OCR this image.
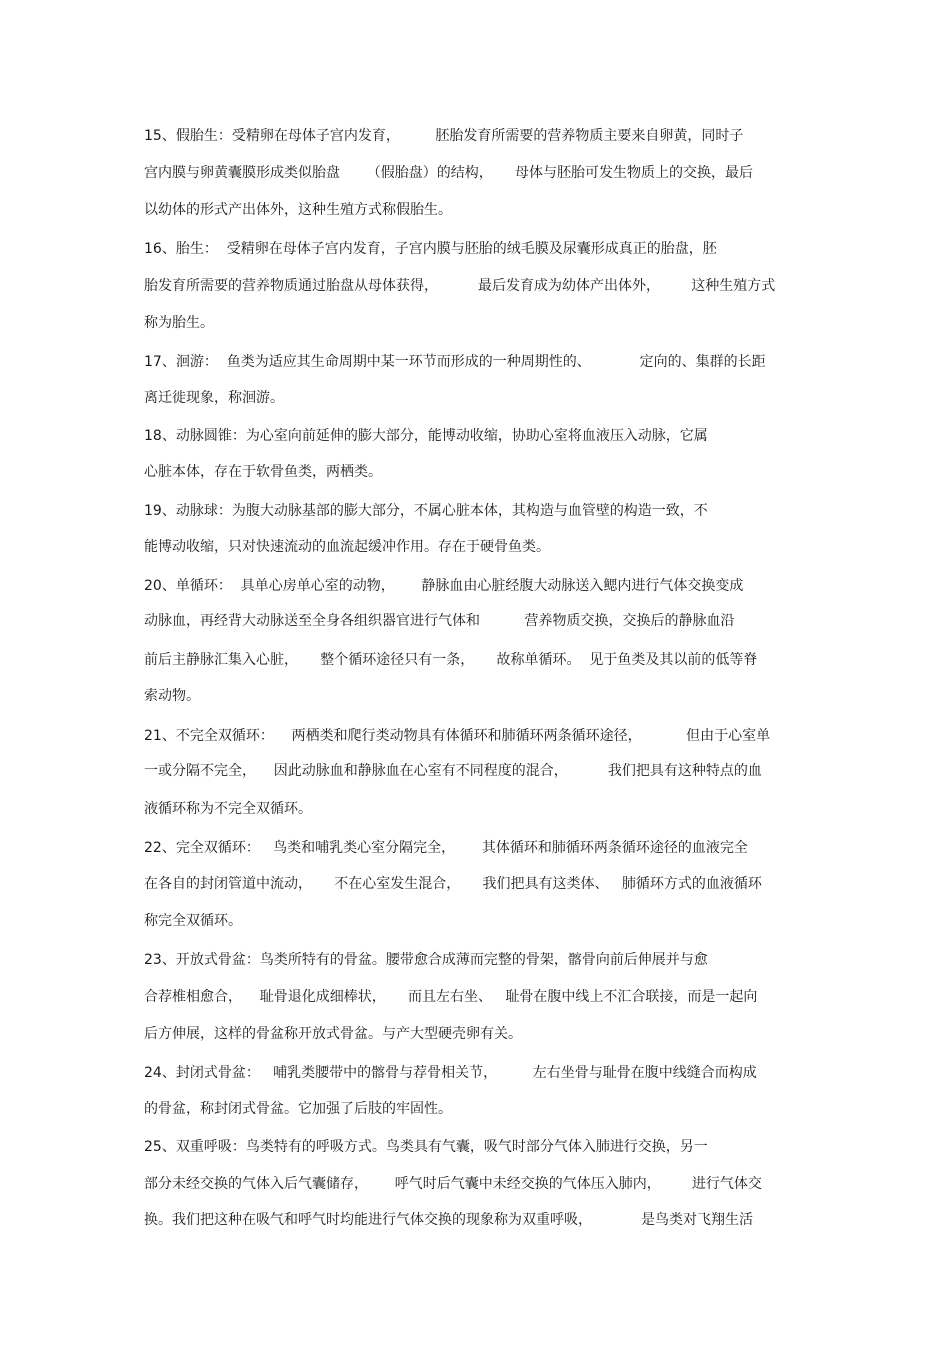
15、假胎生：受精卵在母体子宫内发育，        胚胎发育所需要的营养物质主要来自卵黄，同时子
宫内膜与卵黄囊膜形成类似胎盘      （假胎盘）的结构，     母体与胚胎可发生物质上的交换，最后
以幼体的形式产出体外，这种生殖方式称假胎生。
16、胎生：  受精卵在母体子宫内发育，子宫内膜与胚胎的绒毛膜及尿囊形成真正的胎盘，胚
胎发育所需要的营养物质通过胎盘从母体获得，         最后发育成为幼体产出体外，       这种生殖方式
称为胎生。
17、洄游：  鱼类为适应其生命周期中某一环节而形成的一种周期性的、           定向的、集群的长距
离迁徙现象，称洄游。
18、动脉圆锥：为心室向前延伸的膨大部分，能博动收缩，协助心室将血液压入动脉，它属
心脏本体，存在于软骨鱼类，两栖类。
19、动脉球：为腹大动脉基部的膨大部分，不属心脏本体，其构造与血管壁的构造一致，不
能博动收缩，只对快速流动的血流起缓冲作用。存在于硬骨鱼类。
20、单循环：  具单心房单心室的动物，      静脉血由心脏经腹大动脉送入鳃内进行气体交换变成
动脉血，再经背大动脉送至全身各组织器官进行气体和          营养物质交换，交换后的静脉血沿
前后主静脉汇集入心脏，     整个循环途径只有一条，     故称单循环。  见于鱼类及其以前的低等脊
索动物。
21、不完全双循环：    两栖类和爬行类动物具有体循环和肺循环两条循环途径，          但由于心室单
一或分隔不完全，    因此动脉血和静脉血在心室有不同程度的混合，         我们把具有这种特点的血
液循环称为不完全双循环。
22、完全双循环：   鸟类和哺乳类心室分隔完全，      其体循环和肺循环两条循环途径的血液完全
在各自的封闭管道中流动，     不在心室发生混合，     我们把具有这类体、   肺循环方式的血液循环
称完全双循环。
23、开放式骨盆：鸟类所特有的骨盆。腰带愈合成薄而完整的骨架，髂骨向前后伸展并与愈
合荐椎相愈合，    耻骨退化成细棒状，     而且左右坐、   耻骨在腹中线上不汇合联接，而是一起向
后方伸展，这样的骨盆称开放式骨盆。与产大型硬壳卵有关。
24、封闭式骨盆：   哺乳类腰带中的髂骨与荐骨相关节，        左右坐骨与耻骨在腹中线缝合而构成
的骨盆，称封闭式骨盆。它加强了后肢的牢固性。
25、双重呼吸：鸟类特有的呼吸方式。鸟类具有气囊，吸气时部分气体入肺进行交换，另一
部分未经交换的气体入后气囊储存，      呼气时后气囊中未经交换的气体压入肺内，       进行气体交
换。我们把这种在吸气和呼气时均能进行气体交换的现象称为双重呼吸，           是鸟类对飞翔生活
